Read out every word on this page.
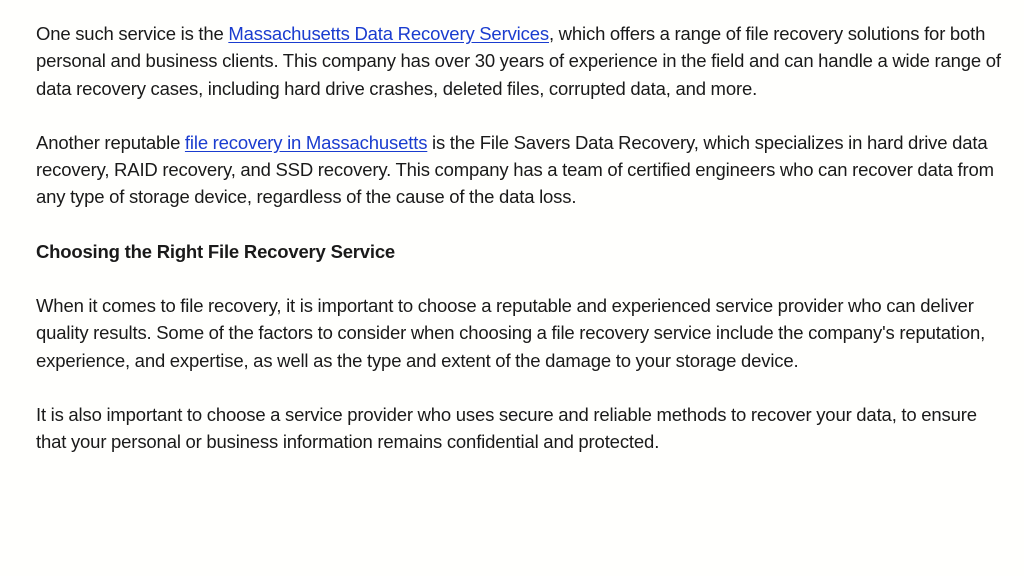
One such service is the Massachusetts Data Recovery Services, which offers a range of file recovery solutions for both personal and business clients. This company has over 30 years of experience in the field and can handle a wide range of data recovery cases, including hard drive crashes, deleted files, corrupted data, and more.

Another reputable file recovery in Massachusetts is the File Savers Data Recovery, which specializes in hard drive data recovery, RAID recovery, and SSD recovery. This company has a team of certified engineers who can recover data from any type of storage device, regardless of the cause of the data loss.

Choosing the Right File Recovery Service

When it comes to file recovery, it is important to choose a reputable and experienced service provider who can deliver quality results. Some of the factors to consider when choosing a file recovery service include the company's reputation, experience, and expertise, as well as the type and extent of the damage to your storage device.

It is also important to choose a service provider who uses secure and reliable methods to recover your data, to ensure that your personal or business information remains confidential and protected.
